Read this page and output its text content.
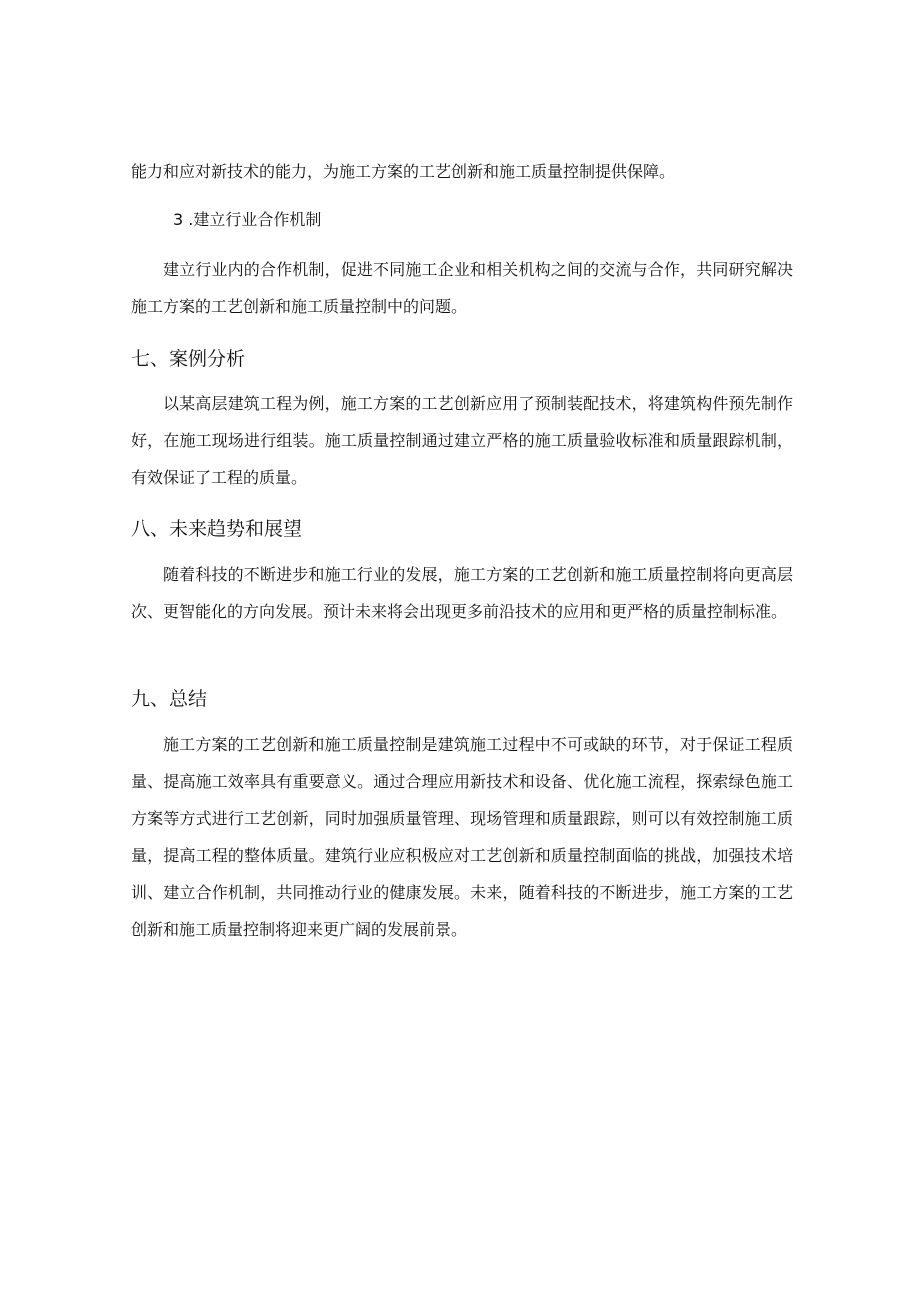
能力和应对新技术的能力，为施工方案的工艺创新和施工质量控制提供保障。

3 .建立行业合作机制

建立行业内的合作机制，促进不同施工企业和相关机构之间的交流与合作，共同研究解决施工方案的工艺创新和施工质量控制中的问题。

七、案例分析

以某高层建筑工程为例，施工方案的工艺创新应用了预制装配技术，将建筑构件预先制作好，在施工现场进行组装。施工质量控制通过建立严格的施工质量验收标准和质量跟踪机制，有效保证了工程的质量。

八、未来趋势和展望

随着科技的不断进步和施工行业的发展，施工方案的工艺创新和施工质量控制将向更高层次、更智能化的方向发展。预计未来将会出现更多前沿技术的应用和更严格的质量控制标准。

九、总结

施工方案的工艺创新和施工质量控制是建筑施工过程中不可或缺的环节，对于保证工程质量、提高施工效率具有重要意义。通过合理应用新技术和设备、优化施工流程，探索绿色施工方案等方式进行工艺创新，同时加强质量管理、现场管理和质量跟踪，则可以有效控制施工质量，提高工程的整体质量。建筑行业应积极应对工艺创新和质量控制面临的挑战，加强技术培训、建立合作机制，共同推动行业的健康发展。未来，随着科技的不断进步，施工方案的工艺创新和施工质量控制将迎来更广阔的发展前景。
